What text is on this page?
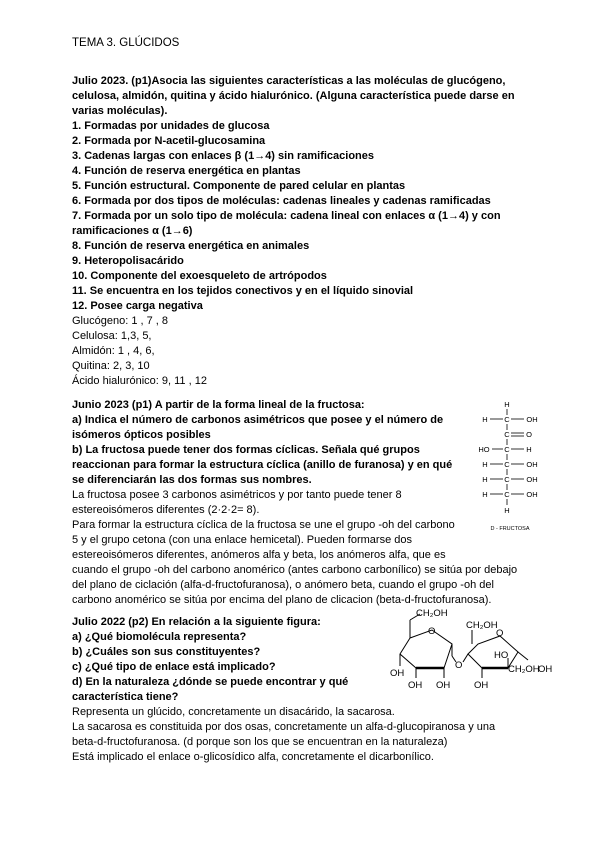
TEMA 3. GLÚCIDOS
Julio 2023. (p1)Asocia las siguientes características a las moléculas de glucógeno,
celulosa, almidón, quitina y ácido hialurónico. (Alguna característica puede darse en
varias moléculas).
1. Formadas por unidades de glucosa
2. Formada por N-acetil-glucosamina
3. Cadenas largas con enlaces β (1→4) sin ramificaciones
4. Función de reserva energética en plantas
5. Función estructural. Componente de pared celular en plantas
6. Formada por dos tipos de moléculas: cadenas lineales y cadenas ramificadas
7. Formada por un solo tipo de molécula: cadena lineal con enlaces α (1→4) y con
ramificaciones α (1→6)
8. Función de reserva energética en animales
9. Heteropolisacárido
10. Componente del exoesqueleto de artrópodos
11. Se encuentra en los tejidos conectivos y en el líquido sinovial
12. Posee carga negativa
Glucógeno: 1 , 7 , 8
Celulosa: 1,3, 5,
Almidón: 1 , 4, 6,
Quitina: 2, 3, 10
Ácido hialurónico: 9, 11 , 12
Junio 2023 (p1) A partir de la forma lineal de la fructosa:
a) Indica el número de carbonos asimétricos que posee y el número de
isómeros ópticos posibles
b) La fructosa puede tener dos formas cíclicas. Señala qué grupos
reaccionan para formar la estructura cíclica (anillo de furanosa) y en qué
se diferenciarán las dos formas sus nombres.
La fructosa posee 3 carbonos asimétricos y por tanto puede tener 8
estereoisómeros diferentes (2·2·2= 8).
Para formar la estructura cíclica de la fructosa se une el grupo -oh del carbono
5 y el grupo cetona (con una enlace hemicetal). Pueden formarse dos
estereoisómeros diferentes, anómeros alfa y beta, los anómeros alfa, que es
cuando el grupo -oh del carbono anomérico (antes carbono carbonílico) se sitúa por debajo
del plano de ciclación (alfa-d-fructofuranosa), o anómero beta, cuando el grupo -oh del
carbono anomérico se sitúa por encima del plano de clicacion (beta-d-fructofuranosa).
H
H C OH
C O
HO C H
H C OH
H C OH
H C OH
H
D - FRUCTOSA
Julio 2022 (p2) En relación a la siguiente figura:
a) ¿Qué biomolécula representa?
b) ¿Cuáles son sus constituyentes?
c) ¿Qué tipo de enlace está implicado?
d) En la naturaleza ¿dónde se puede encontrar y qué
característica tiene?
Representa un glúcido, concretamente un disacárido, la sacarosa.
La sacarosa es constituida por dos osas, concretamente un alfa-d-glucopiranosa y una
beta-d-fructofuranosa. (d porque son los que se encuentran en la naturaleza)
Está implicado el enlace o-glicosídico alfa, concretamente el dicarbonílico.
CH₂OH
O
OH
OH OH
O
CH₂OH
O
HO
OH
CH₂OH
OH
